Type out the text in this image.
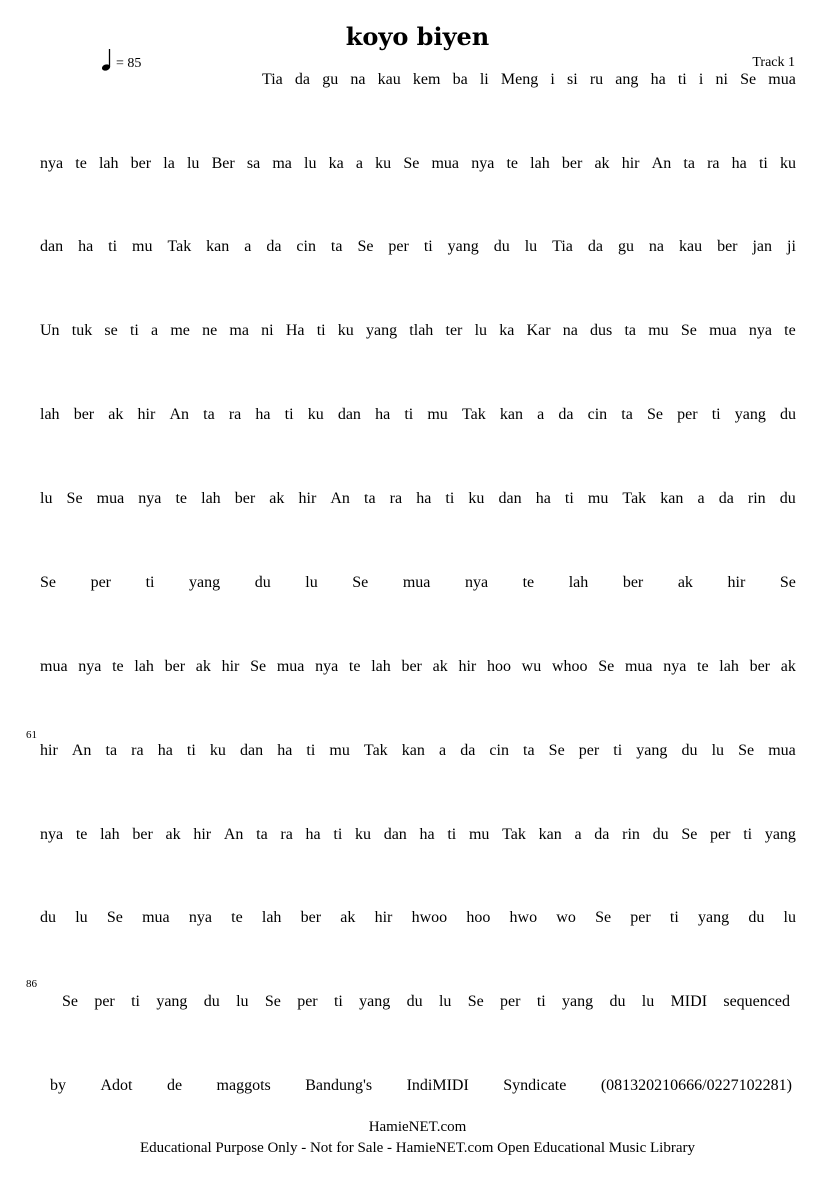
koyo biyen
= 85	Track 1
Tia da gu na kau kem ba li Meng i si ru ang ha ti i ni Se mua
nya te lah ber la lu Ber sa ma lu ka a ku Se mua nya te lah ber ak hir An ta ra ha ti ku
dan ha ti mu Tak kan a da cin ta Se per ti yang du lu Tia da gu na kau ber jan ji
Un tuk se ti a me ne ma ni Ha ti ku yang tlah ter lu ka Kar na dus ta mu Se mua nya te
lah ber ak hir An ta ra ha ti ku dan ha ti mu Tak kan a da cin ta Se per ti yang du
lu Se mua nya te lah ber ak hir An ta ra ha ti ku dan ha ti mu Tak kan a da rin du
Se per ti yang du lu Se mua nya te lah ber ak hir Se
mua nya te lah ber ak hir Se mua nya te lah ber ak hir hoo wu whoo Se mua nya te lah ber ak
hir An ta ra ha ti ku dan ha ti mu Tak kan a da cin ta Se per ti yang du lu Se mua
nya te lah ber ak hir An ta ra ha ti ku dan ha ti mu Tak kan a da rin du Se per ti yang
du lu Se mua nya te lah ber ak hir hwoo hoo hwo wo Se per ti yang du lu
Se per ti yang du lu Se per ti yang du lu Se per ti yang du lu MIDI sequenced
by Adot de maggots Bandung's IndiMIDI Syndicate (081320210666/0227102281)
61
86
HamieNET.com
Educational Purpose Only - Not for Sale - HamieNET.com Open Educational Music Library
